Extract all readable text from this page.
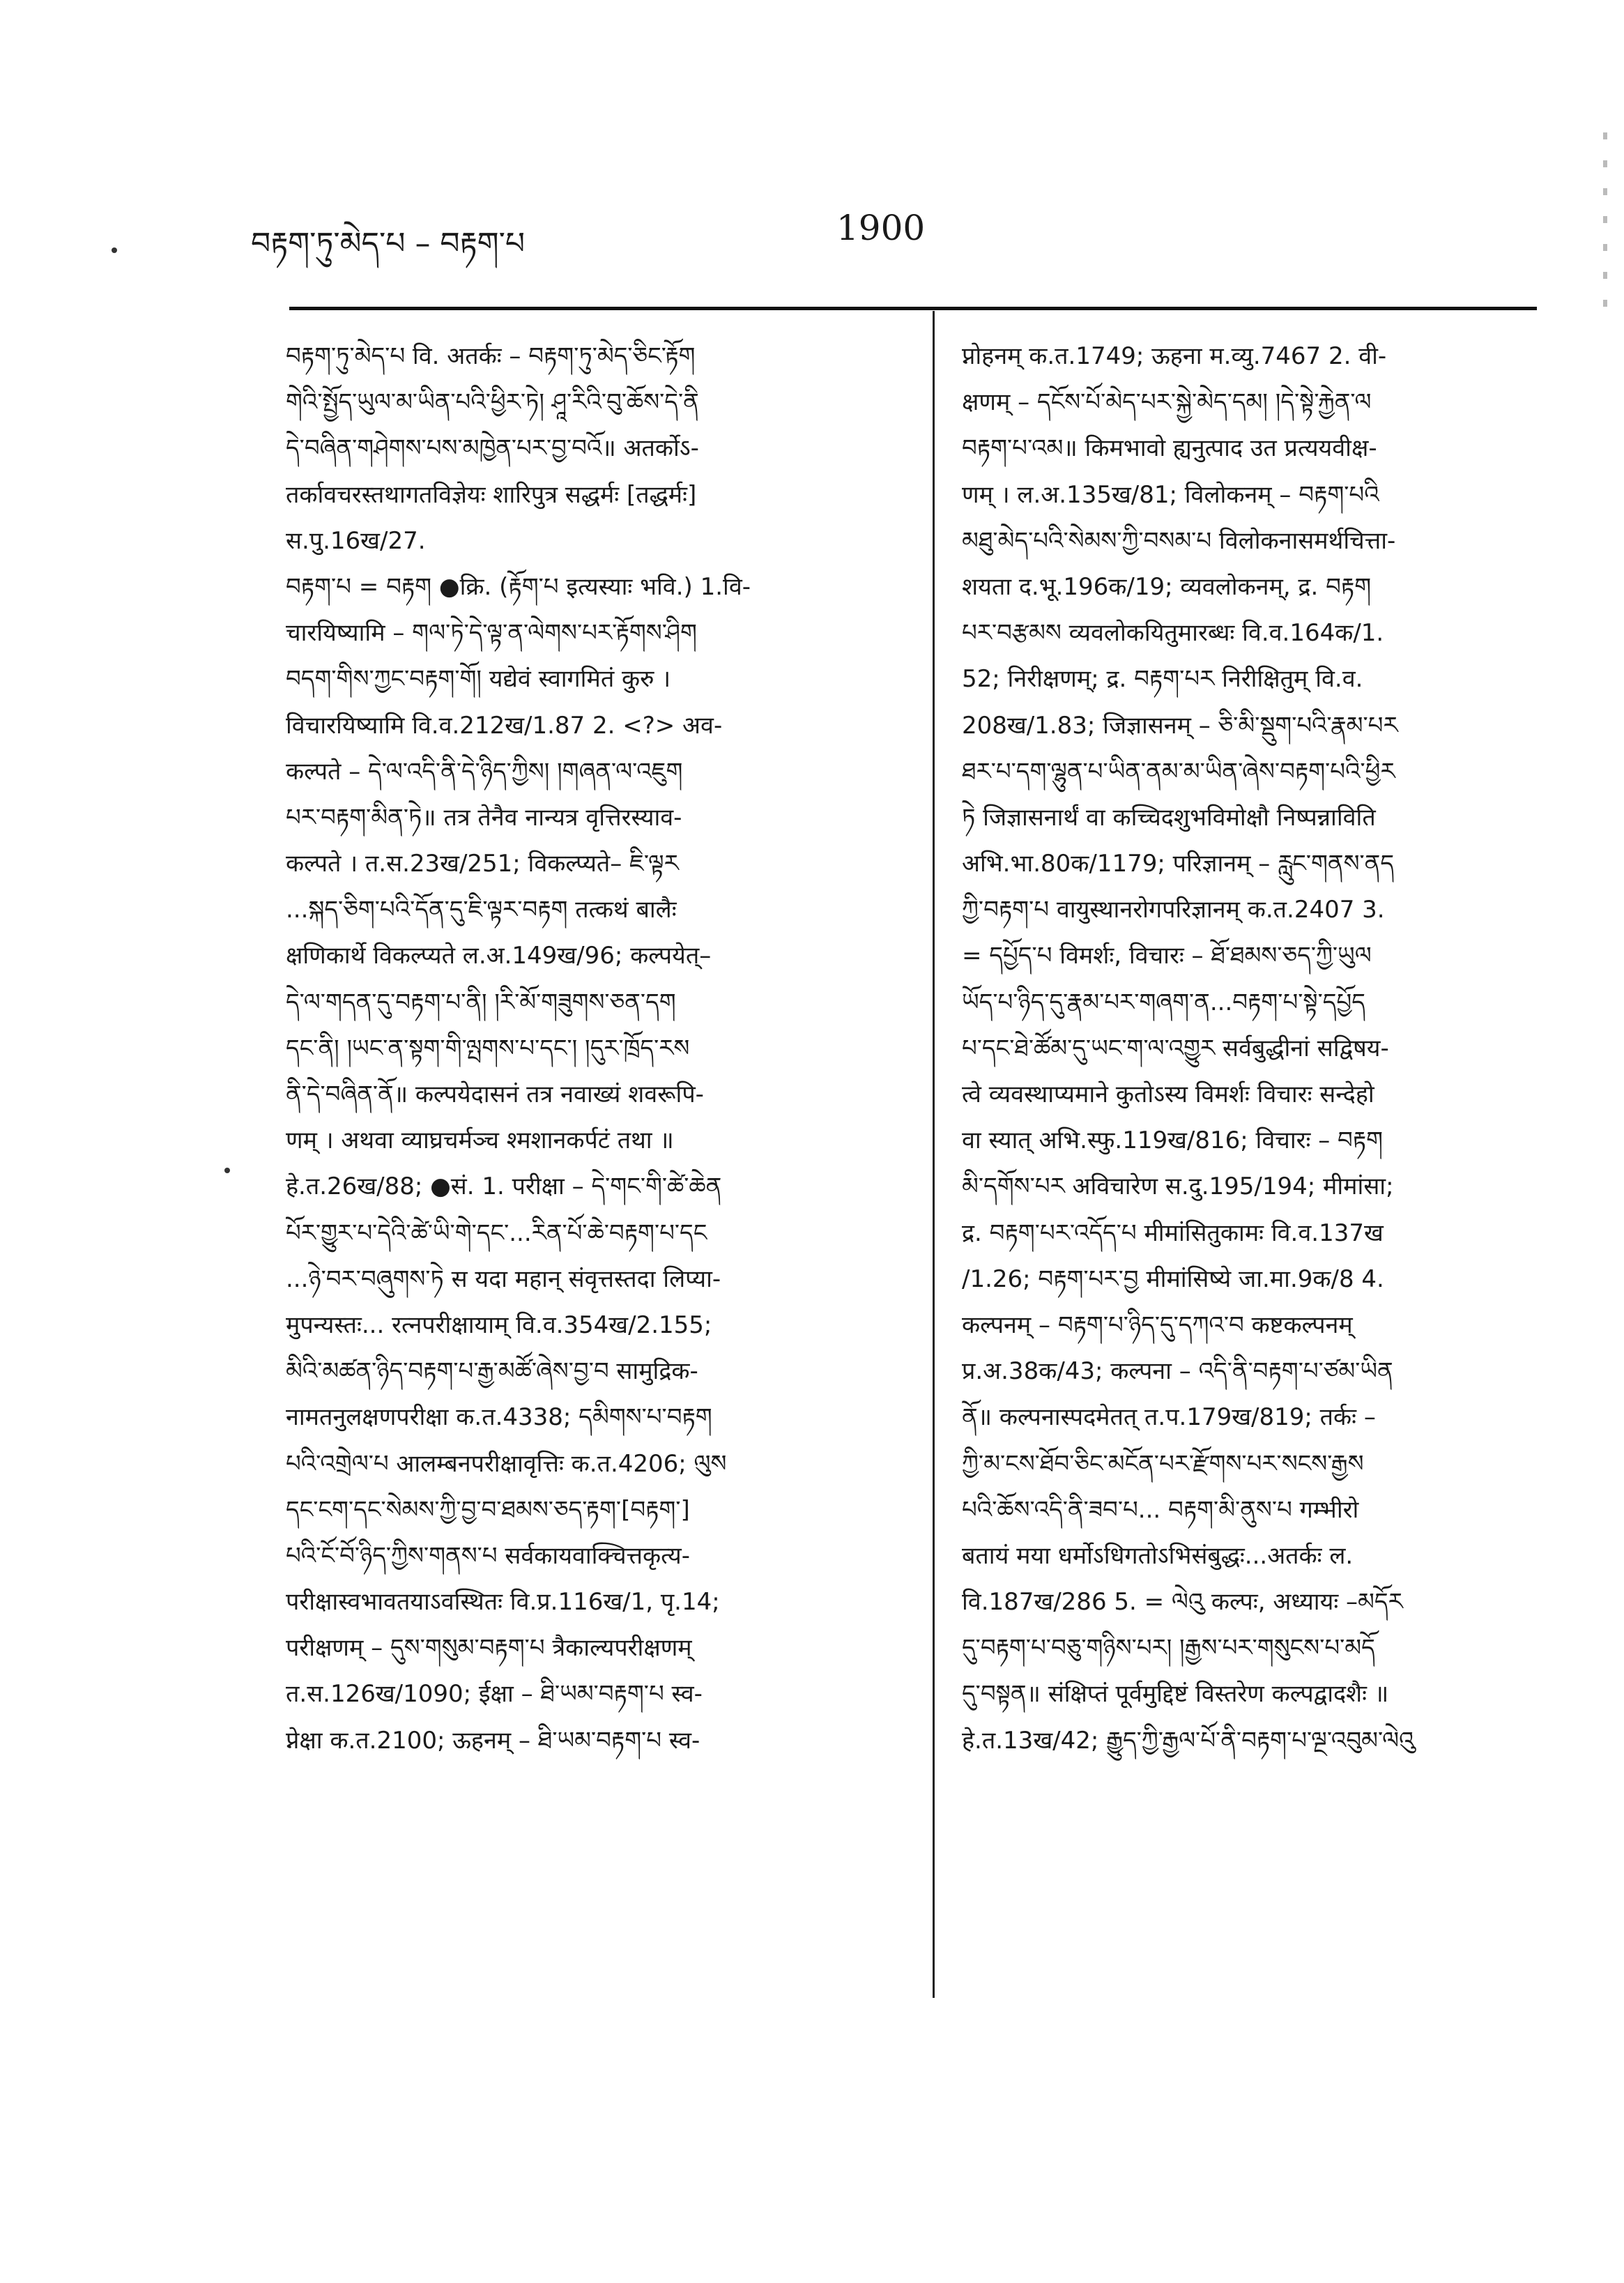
བརྟག་ཏུ་མེད་པ – བརྟག་པ	1900
བརྟག་ཏུ་མེད་པ वि. अतर्कः – བརྟག་ཏུ་མེད་ཅིང་རྟོག
གེའི་སྤྱོད་ཡུལ་མ་ཡིན་པའི་ཕྱིར་ཏེ། ཤཱ་རིའི་བུ་ཆོས་དེ་ནི
དེ་བཞིན་གཤེགས་པས་མཁྱེན་པར་བྱ་བའོ॥ अतर्कोऽ-
तर्कावचरस्तथागतविज्ञेयः शारिपुत्र सद्धर्मः [तद्धर्मः]
स.पु.16ख/27.
བརྟག་པ = བརྟག ●क्रि. (རྟོག་པ इत्यस्याः भवि.) 1.वि-
चारयिष्यामि – གལ་ཏེ་དེ་ལྟ་ན་ལེགས་པར་རྟོགས་ཤིག
བདག་གིས་ཀྱང་བརྟག་གོ། यद्येवं स्वागमितं कुरु ।
विचारयिष्यामि वि.व.212ख/1.87 2. <?> अव-
कल्पते – དེ་ལ་འདི་ནི་དེ་ཉིད་ཀྱིས། །གཞན་ལ་འཇུག
པར་བརྟག་མིན་ཏེ॥ तत्र तेनैव नान्यत्र वृत्तिरस्याव-
कल्पते । त.स.23ख/251; विकल्प्यते– ཇི་ལྟར
...སྐད་ཅིག་པའི་དོན་དུ་ཇི་ལྟར་བརྟག तत्कथं बालैः
क्षणिकार्थे विकल्प्यते ल.अ.149ख/96; कल्पयेत्–
དེ་ལ་གདན་དུ་བརྟག་པ་ནི། །རི་མོ་གཟུགས་ཅན་དག
དང་ནི། །ཡང་ན་སྟག་གི་ལྤགས་པ་དང་། །དུར་ཁྲོད་རས
ནི་དེ་བཞིན་ནོ॥ कल्पयेदासनं तत्र नवाख्यं शवरूपि-
णम् । अथवा व्याघ्रचर्मञ्च श्मशानकर्पटं तथा ॥
हे.त.26ख/88; ●सं. 1. परीक्षा – དེ་གང་གི་ཚེ་ཆེན
པོར་གྱུར་པ་དེའི་ཚེ་ཡི་གེ་དང་...རིན་པོ་ཆེ་བརྟག་པ་དང
...ཉེ་བར་བཞུགས་ཏེ स यदा महान् संवृत्तस्तदा लिप्या-
मुपन्यस्तः... रत्नपरीक्षायाम् वि.व.354ख/2.155;
མིའི་མཚན་ཉིད་བརྟག་པ་རྒྱ་མཚོ་ཞེས་བྱ་བ सामुद्रिक-
नामतनुलक्षणपरीक्षा क.त.4338; དམིགས་པ་བརྟག
པའི་འགྲེལ་པ आलम्बनपरीक्षावृत्तिः क.त.4206; ལུས
དང་ངག་དང་སེམས་ཀྱི་བྱ་བ་ཐམས་ཅད་རྟག་[བརྟག་]
པའི་ངོ་བོ་ཉིད་ཀྱིས་གནས་པ सर्वकायवाक्चित्तकृत्य-
परीक्षास्वभावतयाऽवस्थितः वि.प्र.116ख/1, पृ.14;
परीक्षणम् – དུས་གསུམ་བརྟག་པ त्रैकाल्यपरीक्षणम्
त.स.126ख/1090; ईक्षा – ཐི་ཡམ་བརྟག་པ स्व-
प्नेक्षा क.त.2100; ऊहनम् – ཐི་ཡམ་བརྟག་པ स्व-
प्नोहनम् क.त.1749; ऊहना म.व्यु.7467 2. वी-
क्षणम् – དངོས་པོ་མེད་པར་སྐྱེ་མེད་དམ། །དེ་སྟེ་རྐྱེན་ལ
བརྟག་པ་འམ॥ किमभावो ह्यनुत्पाद उत प्रत्ययवीक्ष-
णम् । ल.अ.135ख/81; विलोकनम् – བརྟག་པའི
མཐུ་མེད་པའི་སེམས་ཀྱི་བསམ་པ विलोकनासमर्थचित्ता-
शयता द.भू.196क/19; व्यवलोकनम्, द्र. བརྟག
པར་བརྩམས व्यवलोकयितुमारब्धः वि.व.164क/1.
52; निरीक्षणम्; द्र. བརྟག་པར निरीक्षितुम् वि.व.
208ख/1.83; जिज्ञासनम् – ཅི་མི་སྡུག་པའི་རྣམ་པར
ཐར་པ་དག་ལྷུན་པ་ཡིན་ནམ་མ་ཡིན་ཞེས་བརྟག་པའི་ཕྱིར
ཏེ जिज्ञासनार्थं वा कच्चिदशुभविमोक्षौ निष्पन्नाविति
अभि.भा.80क/1179; परिज्ञानम् – རླུང་གནས་ནད
ཀྱི་བརྟག་པ वायुस्थानरोगपरिज्ञानम् क.त.2407 3.
= དཔྱོད་པ विमर्शः, विचारः – ཐོ་ཐམས་ཅད་ཀྱི་ཡུལ
ཡོད་པ་ཉིད་དུ་རྣམ་པར་གཞག་ན...བརྟག་པ་སྟེ་དཔྱོད
པ་དང་ཐེ་ཚོམ་དུ་ཡང་ག་ལ་འགྱུར सर्वबुद्धीनां सद्विषय-
त्वे व्यवस्थाप्यमाने कुतोऽस्य विमर्शः विचारः सन्देहो
वा स्यात् अभि.स्फु.119ख/816; विचारः – བརྟག
མི་དགོས་པར अविचारेण स.दु.195/194; मीमांसा;
द्र. བརྟག་པར་འདོད་པ मीमांसितुकामः वि.व.137ख
/1.26; བརྟག་པར་བྱ मीमांसिष्ये जा.मा.9क/8 4.
कल्पनम् – བརྟག་པ་ཉིད་དུ་དཀའ་བ कष्टकल्पनम्
प्र.अ.38क/43; कल्पना – འདི་ནི་བརྟག་པ་ཙམ་ཡིན
ནོ॥ कल्पनास्पदमेतत् त.प.179ख/819; तर्कः –
ཀྱི་མ་ངས་ཐོབ་ཅིང་མངོན་པར་རྫོགས་པར་སངས་རྒྱས
པའི་ཆོས་འདི་ནི་ཟབ་པ... བརྟག་མི་ནུས་པ गम्भीरो
बतायं मया धर्मोऽधिगतोऽभिसंबुद्धः...अतर्कः ल.
वि.187ख/286 5. = ལེའུ कल्पः, अध्यायः –མདོར
དུ་བརྟག་པ་བཅུ་གཉིས་པར། །རྒྱས་པར་གསུངས་པ་མདོ
དུ་བསྟན॥ संक्षिप्तं पूर्वमुद्दिष्टं विस्तरेण कल्पद्वादशैः ॥
हे.त.13ख/42; རྒྱུད་ཀྱི་རྒྱལ་པོ་ནི་བརྟག་པ་ལྔ་འབུམ་ལེའུ
